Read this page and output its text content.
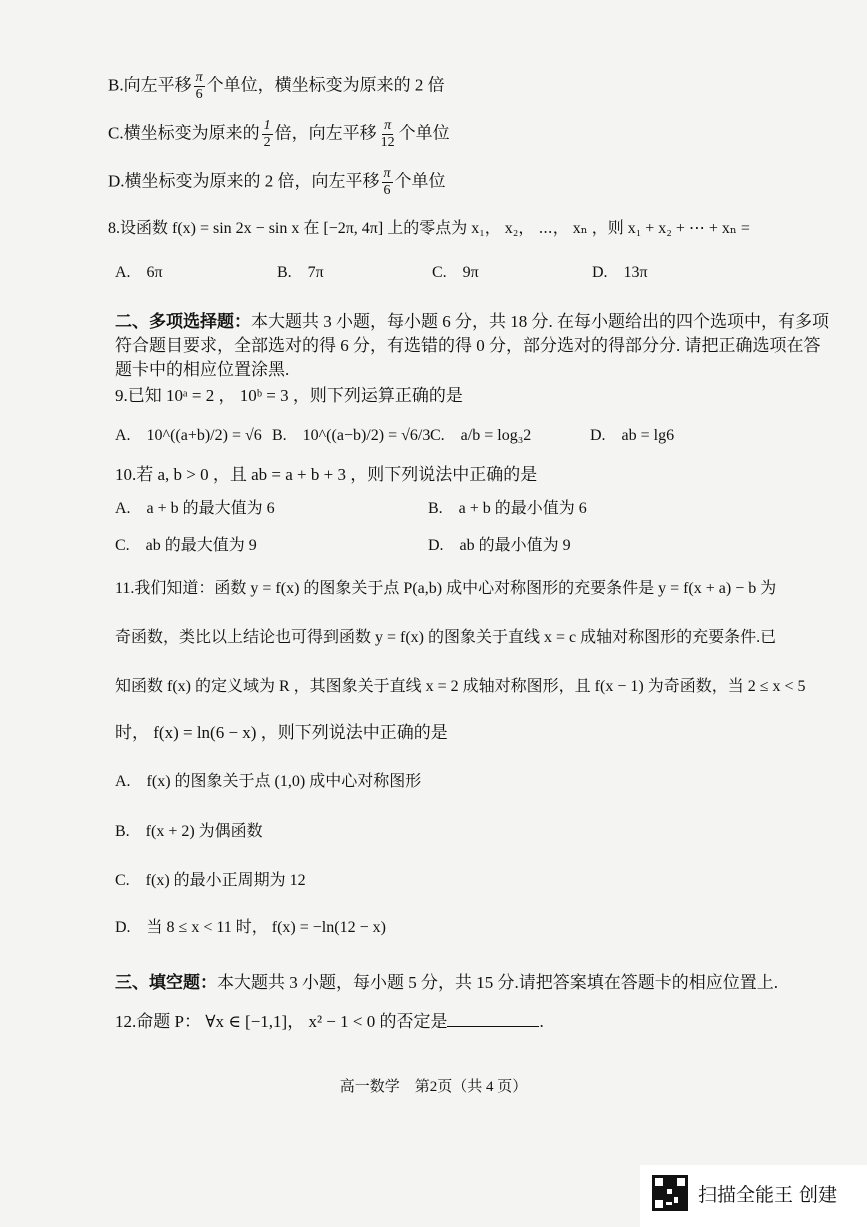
B.向左平移 $\frac{\pi}{6}$ 个单位，横坐标变为原来的 2 倍
C.横坐标变为原来的 $\frac{1}{2}$ 倍，向左平移 $\frac{\pi}{12}$ 个单位
D.横坐标变为原来的 2 倍，向左平移 $\frac{\pi}{6}$ 个单位
8.设函数 f(x) = sin 2x − sin x 在 [−2π, 4π] 上的零点为 x₁， x₂， ⋯， xₙ ，则 x₁ + x₂ + ⋯ + xₙ =
A.　6π	B.　7π	C.　9π	D.　13π
二、多项选择题：本大题共 3 小题，每小题 6 分，共 18 分. 在每小题给出的四个选项中，有多项
符合题目要求，全部选对的得 6 分，有选错的得 0 分，部分选对的得部分分. 请把正确选项在答
题卡中的相应位置涂黑.
9.已知 10ᵃ = 2 ， 10ᵇ = 3 ，则下列运算正确的是
A.　10^((a+b)/2) = √6 B.　10^((a−b)/2) = √6/3 C.　a/b = log₃2	D.　ab = lg6
10.若 a, b > 0 ，且 ab = a + b + 3 ，则下列说法中正确的是
A.　a + b 的最大值为 6	B.　a + b 的最小值为 6
C.　ab 的最大值为 9	D.　ab 的最小值为 9
11.我们知道：函数 y = f(x) 的图象关于点 P(a,b) 成中心对称图形的充要条件是 y = f(x + a) − b 为
奇函数，类比以上结论也可得到函数 y = f(x) 的图象关于直线 x = c 成轴对称图形的充要条件.已
知函数 f(x) 的定义域为 R ，其图象关于直线 x = 2 成轴对称图形，且 f(x − 1) 为奇函数，当 2 ≤ x < 5
时， f(x) = ln(6 − x) ，则下列说法中正确的是
A.　f(x) 的图象关于点 (1,0) 成中心对称图形
B.　f(x + 2) 为偶函数
C.　f(x) 的最小正周期为 12
D.　当 8 ≤ x < 11 时， f(x) = −ln(12 − x)
三、填空题：本大题共 3 小题，每小题 5 分，共 15 分.请把答案填在答题卡的相应位置上.
12.命题 P： ∀x ∈ [−1,1]， x² − 1 < 0 的否定是	.
高一数学　第2页（共 4 页）
扫描全能王 创建
